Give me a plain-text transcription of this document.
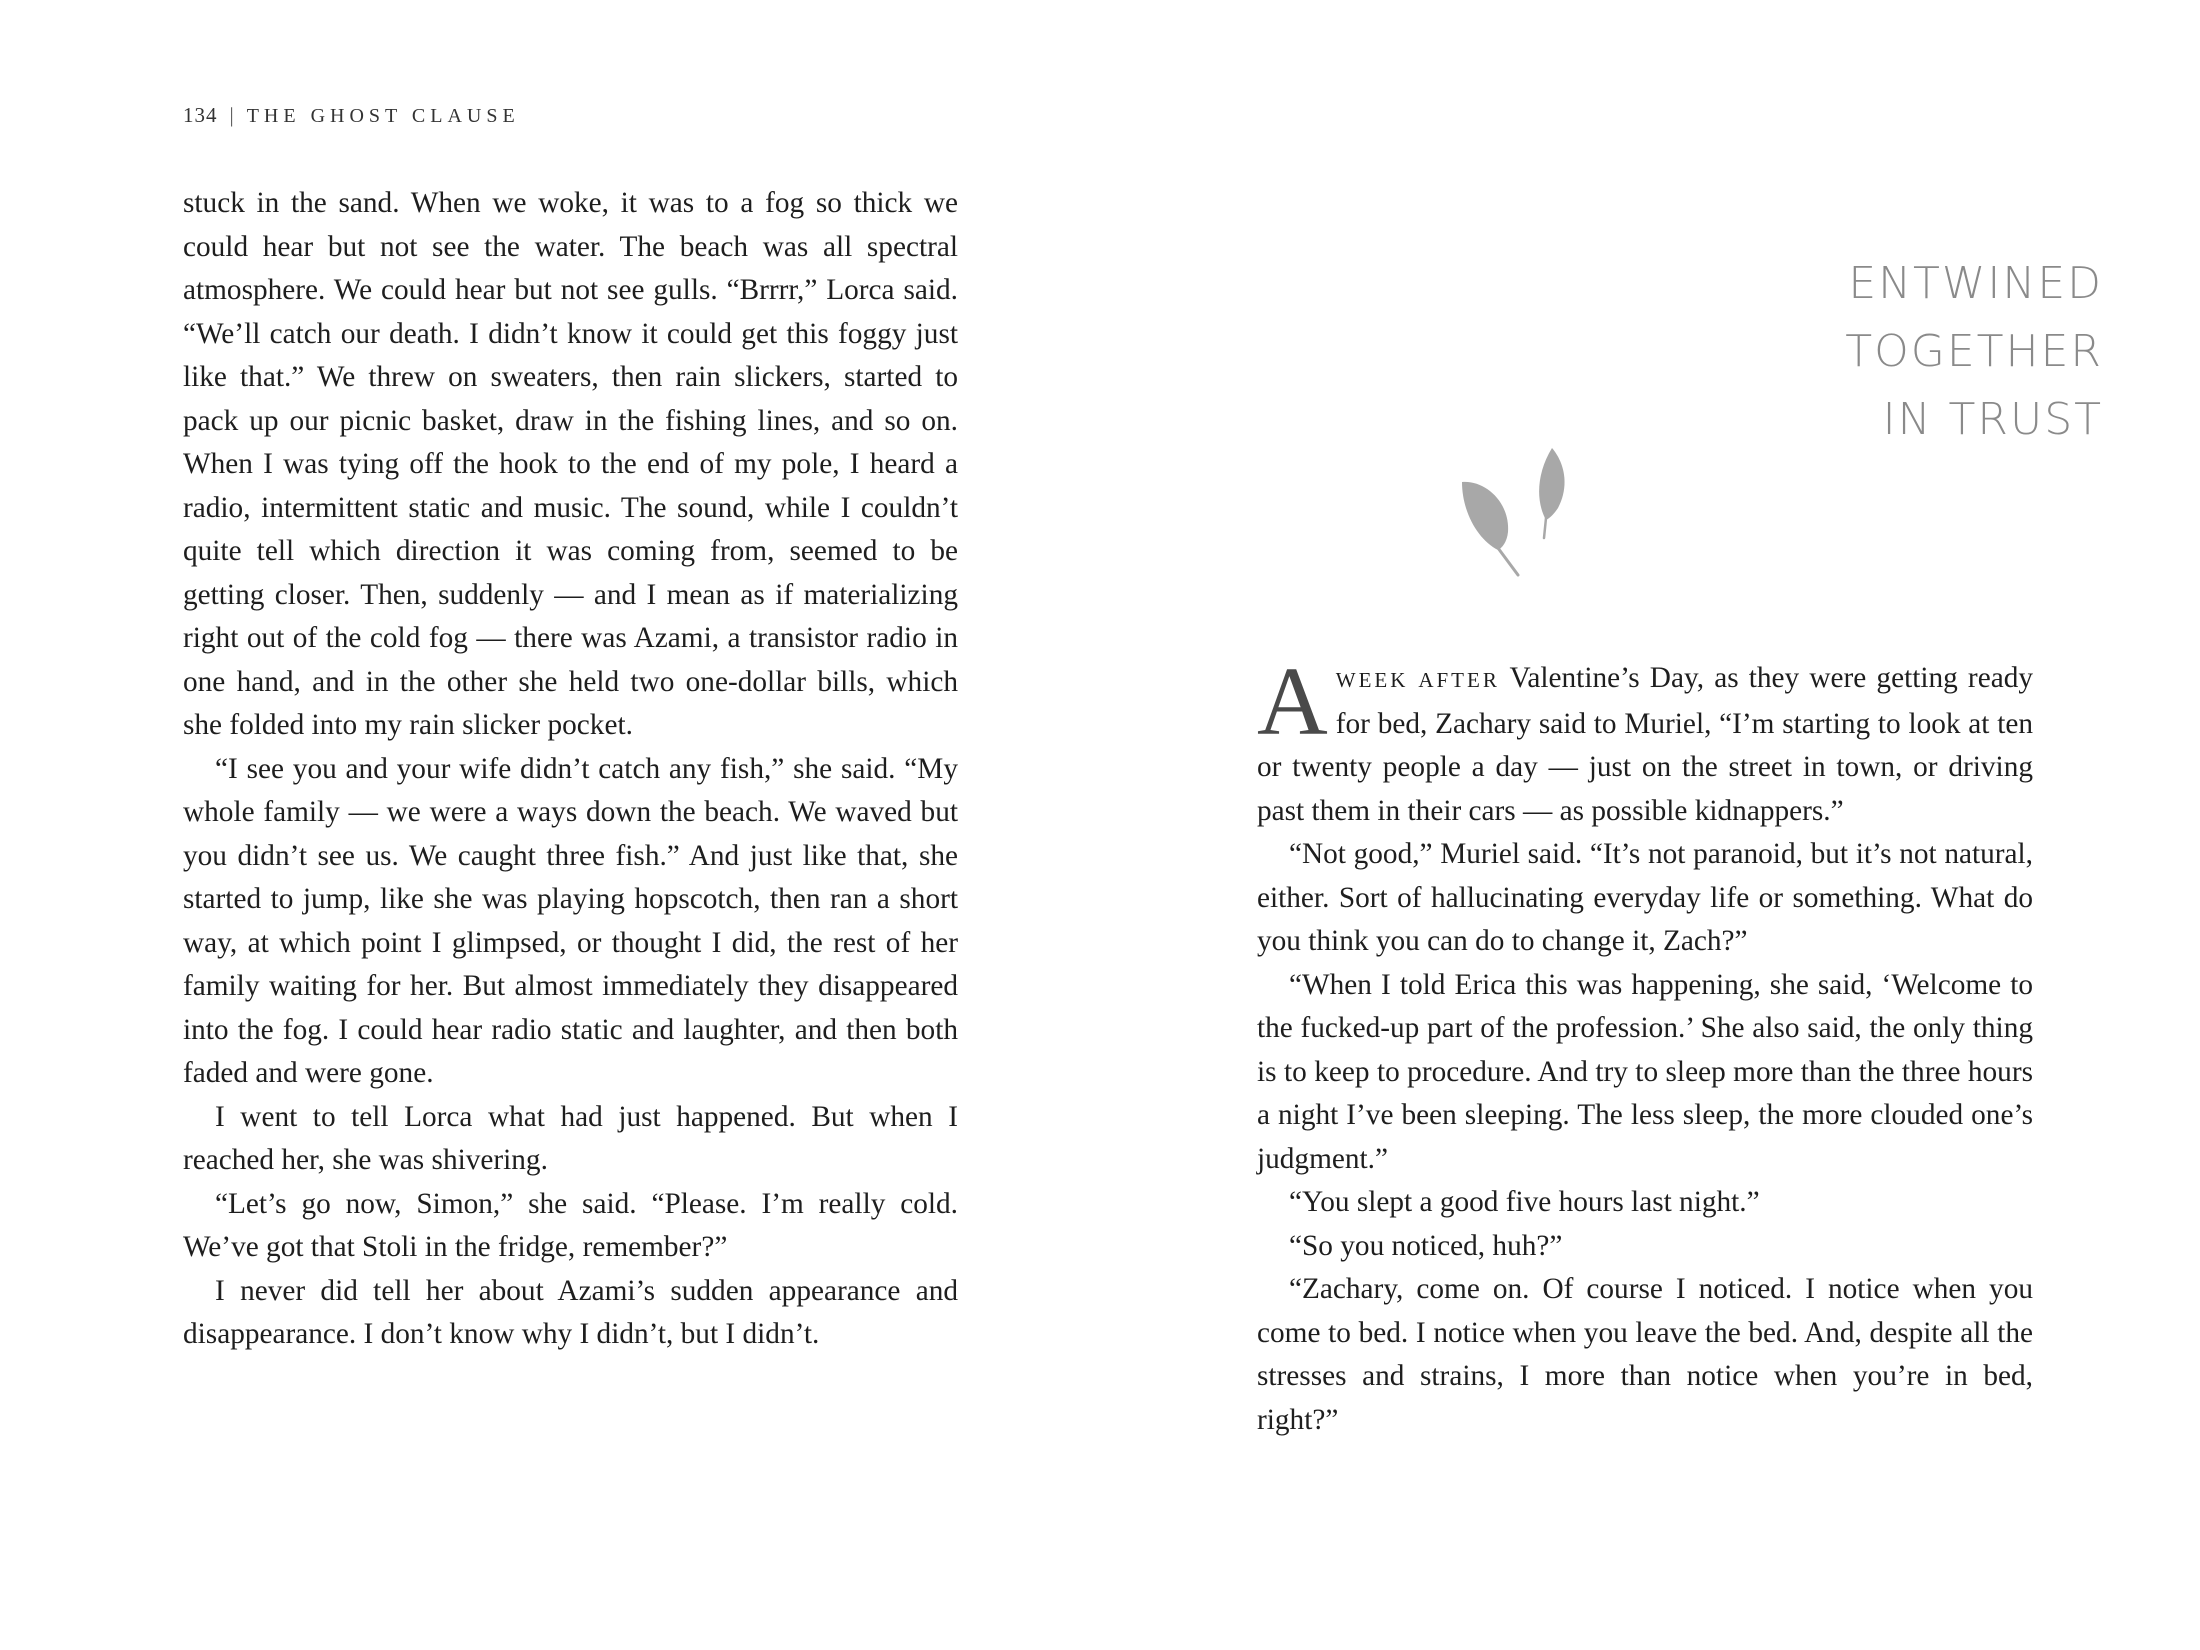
134 | THE GHOST CLAUSE

stuck in the sand. When we woke, it was to a fog so thick we could hear but not see the water. The beach was all spectral atmosphere. We could hear but not see gulls. “Brrrr,” Lorca said. “We’ll catch our death. I didn’t know it could get this foggy just like that.” We threw on sweaters, then rain slickers, started to pack up our picnic basket, draw in the fishing lines, and so on. When I was tying off the hook to the end of my pole, I heard a radio, intermittent static and music. The sound, while I couldn’t quite tell which direction it was coming from, seemed to be getting closer. Then, suddenly — and I mean as if materializing right out of the cold fog — there was Azami, a transistor radio in one hand, and in the other she held two one-dollar bills, which she folded into my rain slicker pocket.

“I see you and your wife didn’t catch any fish,” she said. “My whole family — we were a ways down the beach. We waved but you didn’t see us. We caught three fish.” And just like that, she started to jump, like she was playing hopscotch, then ran a short way, at which point I glimpsed, or thought I did, the rest of her family waiting for her. But almost immediately they disappeared into the fog. I could hear radio static and laughter, and then both faded and were gone.

I went to tell Lorca what had just happened. But when I reached her, she was shivering.

“Let’s go now, Simon,” she said. “Please. I’m really cold. We’ve got that Stoli in the fridge, remember?”

I never did tell her about Azami’s sudden appearance and disappearance. I don’t know why I didn’t, but I didn’t.

ENTWINED
TOGETHER
IN TRUST

AWEEK AFTER Valentine’s Day, as they were getting ready for bed, Zachary said to Muriel, “I’m starting to look at ten or twenty people a day — just on the street in town, or driving past them in their cars — as possible kidnappers.”

“Not good,” Muriel said. “It’s not paranoid, but it’s not natural, either. Sort of hallucinating everyday life or something. What do you think you can do to change it, Zach?”

“When I told Erica this was happening, she said, ‘Welcome to the fucked-up part of the profession.’ She also said, the only thing is to keep to procedure. And try to sleep more than the three hours a night I’ve been sleeping. The less sleep, the more clouded one’s judgment.”

“You slept a good five hours last night.”

“So you noticed, huh?”

“Zachary, come on. Of course I noticed. I notice when you come to bed. I notice when you leave the bed. And, despite all the stresses and strains, I more than notice when you’re in bed, right?”
